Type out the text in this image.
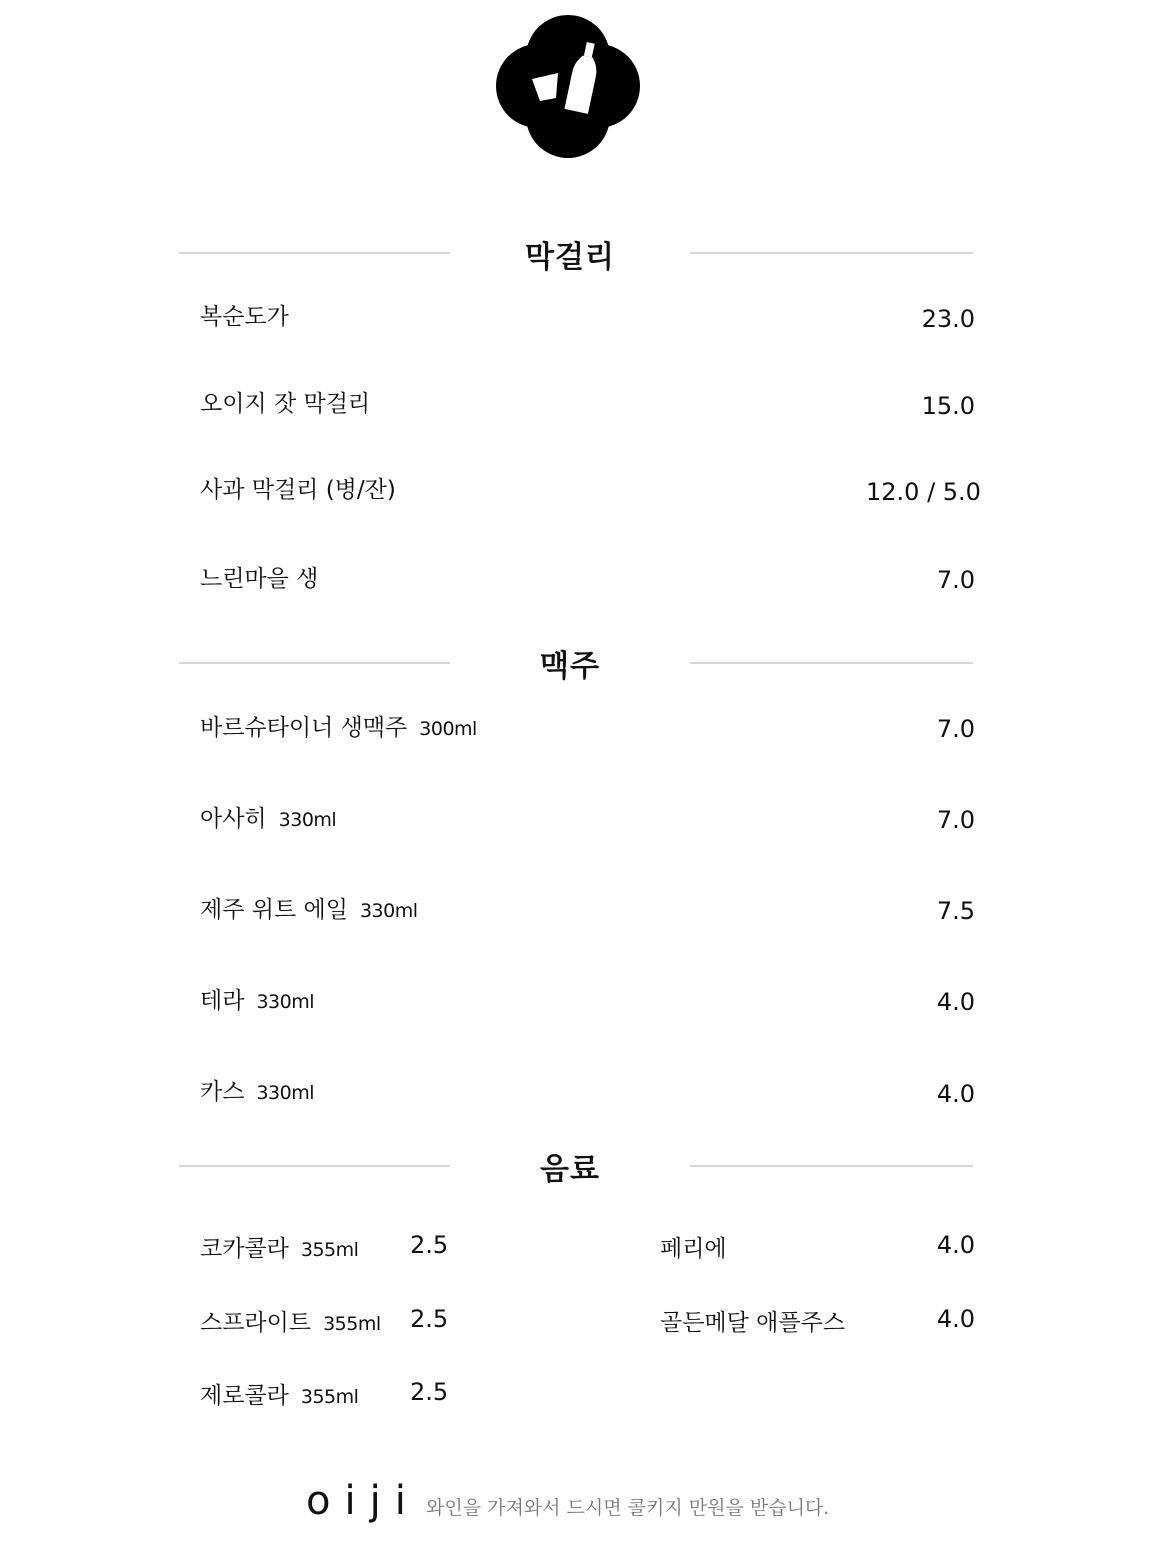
막걸리
복순도가	23.0
오이지 잣 막걸리	15.0
사과 막걸리 (병/잔)	12.0 / 5.0
느린마을 생	7.0
맥주
바르슈타이너 생맥주 300ml	7.0
아사히 330ml	7.0
제주 위트 에일 330ml	7.5
테라 330ml	4.0
카스 330ml	4.0
음료
코카콜라 355ml 2.5
스프라이트 355ml 2.5
제로콜라 355ml 2.5
페리에	4.0
골든메달 애플주스	4.0
oiji 와인을 가져와서 드시면 콜키지 만원을 받습니다.
